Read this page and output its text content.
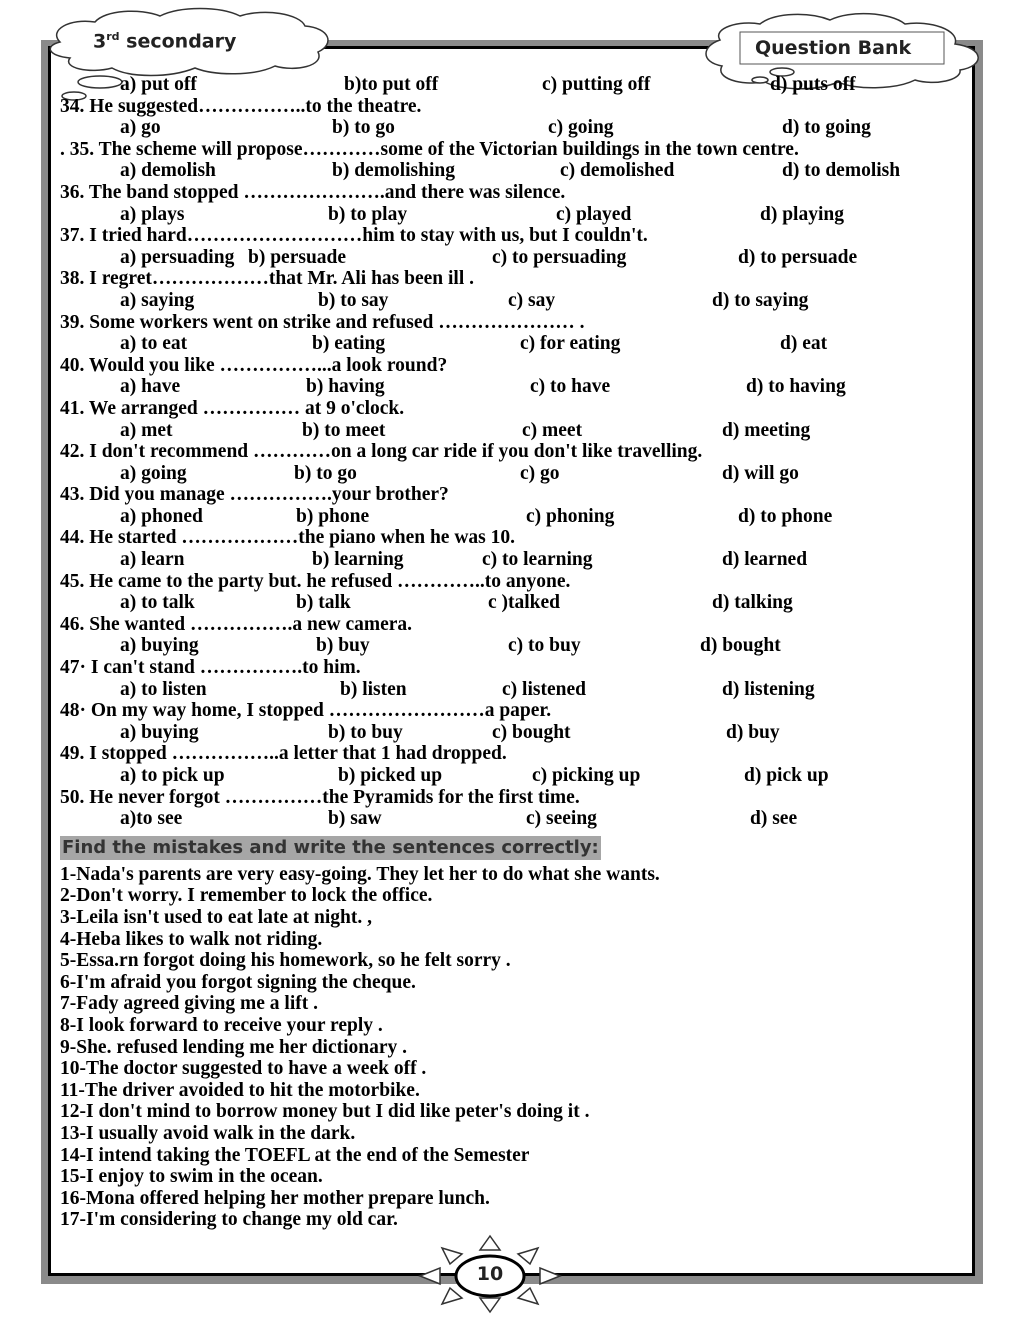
3rd secondary	Question Bank
a) put off	b)to put off	c) putting off	d) puts off
34. He suggested……………..to the theatre.
a) go	b) to go	c) going	d) to going
. 35. The scheme will propose…………some of the Victorian buildings in the town centre.
a) demolish	b) demolishing	c) demolished	d) to demolish
36. The band stopped ………………….and there was silence.
a) plays	b) to play	c) played	d) playing
37. I tried hard………………………him to stay with us, but I couldn't.
a) persuading b) persuade	c) to persuading	d) to persuade
38. I regret………………that Mr. Ali has been ill .
a) saying	b) to say	c) say	d) to saying
39. Some workers went on strike and refused ………………… .
a) to eat	b) eating	c) for eating	d) eat
40. Would you like ……………...a look round?
a) have	b) having	c) to have	d) to having
41. We arranged …………… at 9 o'clock.
a) met	b) to meet	c) meet	d) meeting
42. I don't recommend …………on a long car ride if you don't like travelling.
a) going	b) to go	c) go	d) will go
43. Did you manage …………….your brother?
a) phoned	b) phone	c) phoning	d) to phone
44. He started ………………the piano when he was 10.
a) learn	b) learning	c) to learning	d) learned
45. He came to the party but. he refused …………..to anyone.
a) to talk	b) talk	c )talked	d) talking
46. She wanted …………….a new camera.
a) buying	b) buy	c) to buy	d) bought
47· I can't stand …………….to him.
a) to listen	b) listen	c) listened	d) listening
48· On my way home, I stopped ……………………a paper.
a) buying	b) to buy	c) bought	d) buy
49. I stopped ……………..a letter that 1 had dropped.
a) to pick up	b) picked up	c) picking up	d) pick up
50. He never forgot ……………the Pyramids for the first time.
a)to see	b) saw	c) seeing	d) see
Find the mistakes and write the sentences correctly:
1-Nada's parents are very easy-going. They let her to do what she wants.
2-Don't worry. I remember to lock the office.
3-Leila isn't used to eat late at night. ,
4-Heba likes to walk not riding.
5-Essa.rn forgot doing his homework, so he felt sorry .
6-I'm afraid you forgot signing the cheque.
7-Fady agreed giving me a lift .
8-I look forward to receive your reply .
9-She. refused lending me her dictionary .
10-The doctor suggested to have a week off .
11-The driver avoided to hit the motorbike.
12-I don't mind to borrow money but I did like peter's doing it .
13-I usually avoid walk in the dark.
14-I intend taking the TOEFL at the end of the Semester
15-I enjoy to swim in the ocean.
16-Mona offered helping her mother prepare lunch.
17-I'm considering to change my old car.
10
